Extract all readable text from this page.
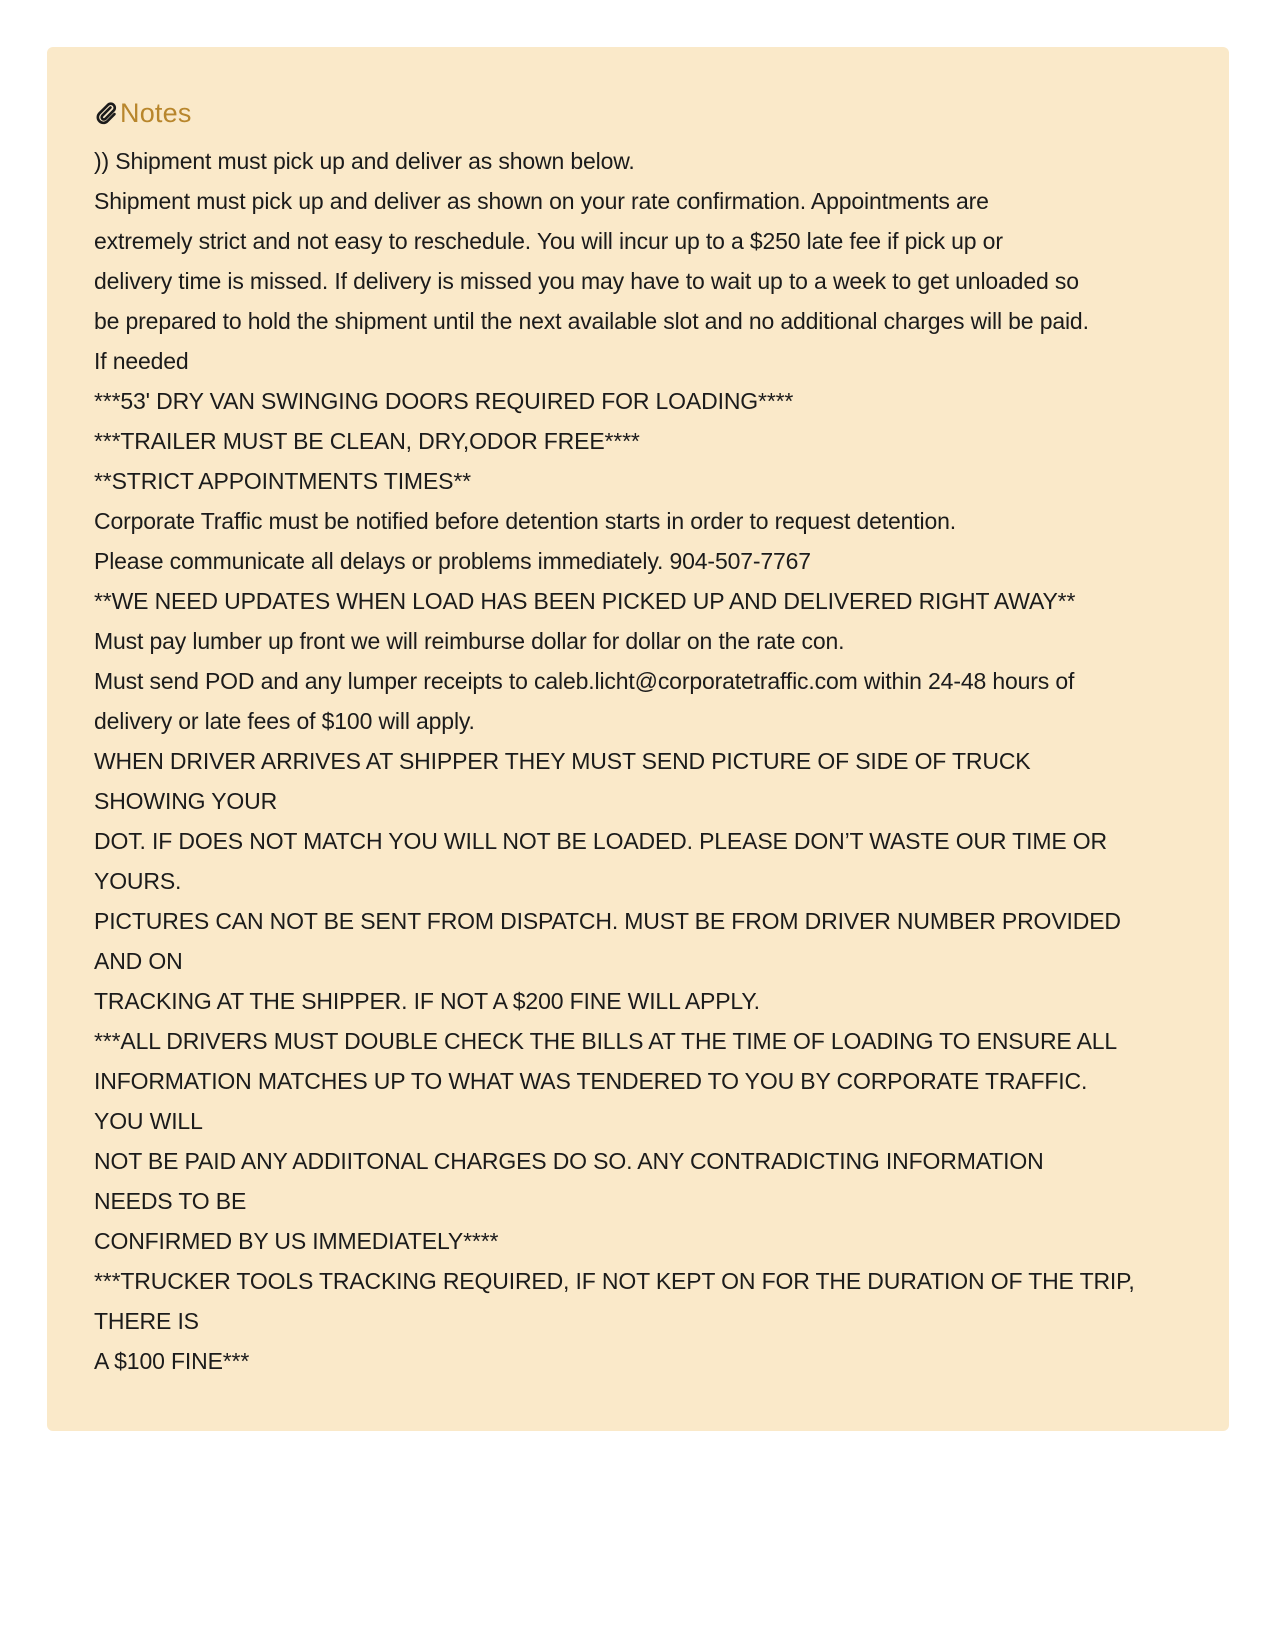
Notes
)) Shipment must pick up and deliver as shown below.
Shipment must pick up and deliver as shown on your rate confirmation. Appointments are
extremely strict and not easy to reschedule. You will incur up to a $250 late fee if pick up or
delivery time is missed. If delivery is missed you may have to wait up to a week to get unloaded so
be prepared to hold the shipment until the next available slot and no additional charges will be paid.
If needed
***53' DRY VAN SWINGING DOORS REQUIRED FOR LOADING****
***TRAILER MUST BE CLEAN, DRY,ODOR FREE****
**STRICT APPOINTMENTS TIMES**
Corporate Traffic must be notified before detention starts in order to request detention.
Please communicate all delays or problems immediately. 904-507-7767
**WE NEED UPDATES WHEN LOAD HAS BEEN PICKED UP AND DELIVERED RIGHT AWAY**
Must pay lumber up front we will reimburse dollar for dollar on the rate con.
Must send POD and any lumper receipts to caleb.licht@corporatetraffic.com within 24-48 hours of
delivery or late fees of $100 will apply.
WHEN DRIVER ARRIVES AT SHIPPER THEY MUST SEND PICTURE OF SIDE OF TRUCK
SHOWING YOUR
DOT. IF DOES NOT MATCH YOU WILL NOT BE LOADED. PLEASE DON’T WASTE OUR TIME OR
YOURS.
PICTURES CAN NOT BE SENT FROM DISPATCH. MUST BE FROM DRIVER NUMBER PROVIDED
AND ON
TRACKING AT THE SHIPPER. IF NOT A $200 FINE WILL APPLY.
***ALL DRIVERS MUST DOUBLE CHECK THE BILLS AT THE TIME OF LOADING TO ENSURE ALL
INFORMATION MATCHES UP TO WHAT WAS TENDERED TO YOU BY CORPORATE TRAFFIC.
YOU WILL
NOT BE PAID ANY ADDIITONAL CHARGES DO SO. ANY CONTRADICTING INFORMATION
NEEDS TO BE
CONFIRMED BY US IMMEDIATELY****
***TRUCKER TOOLS TRACKING REQUIRED, IF NOT KEPT ON FOR THE DURATION OF THE TRIP,
THERE IS
A $100 FINE***
